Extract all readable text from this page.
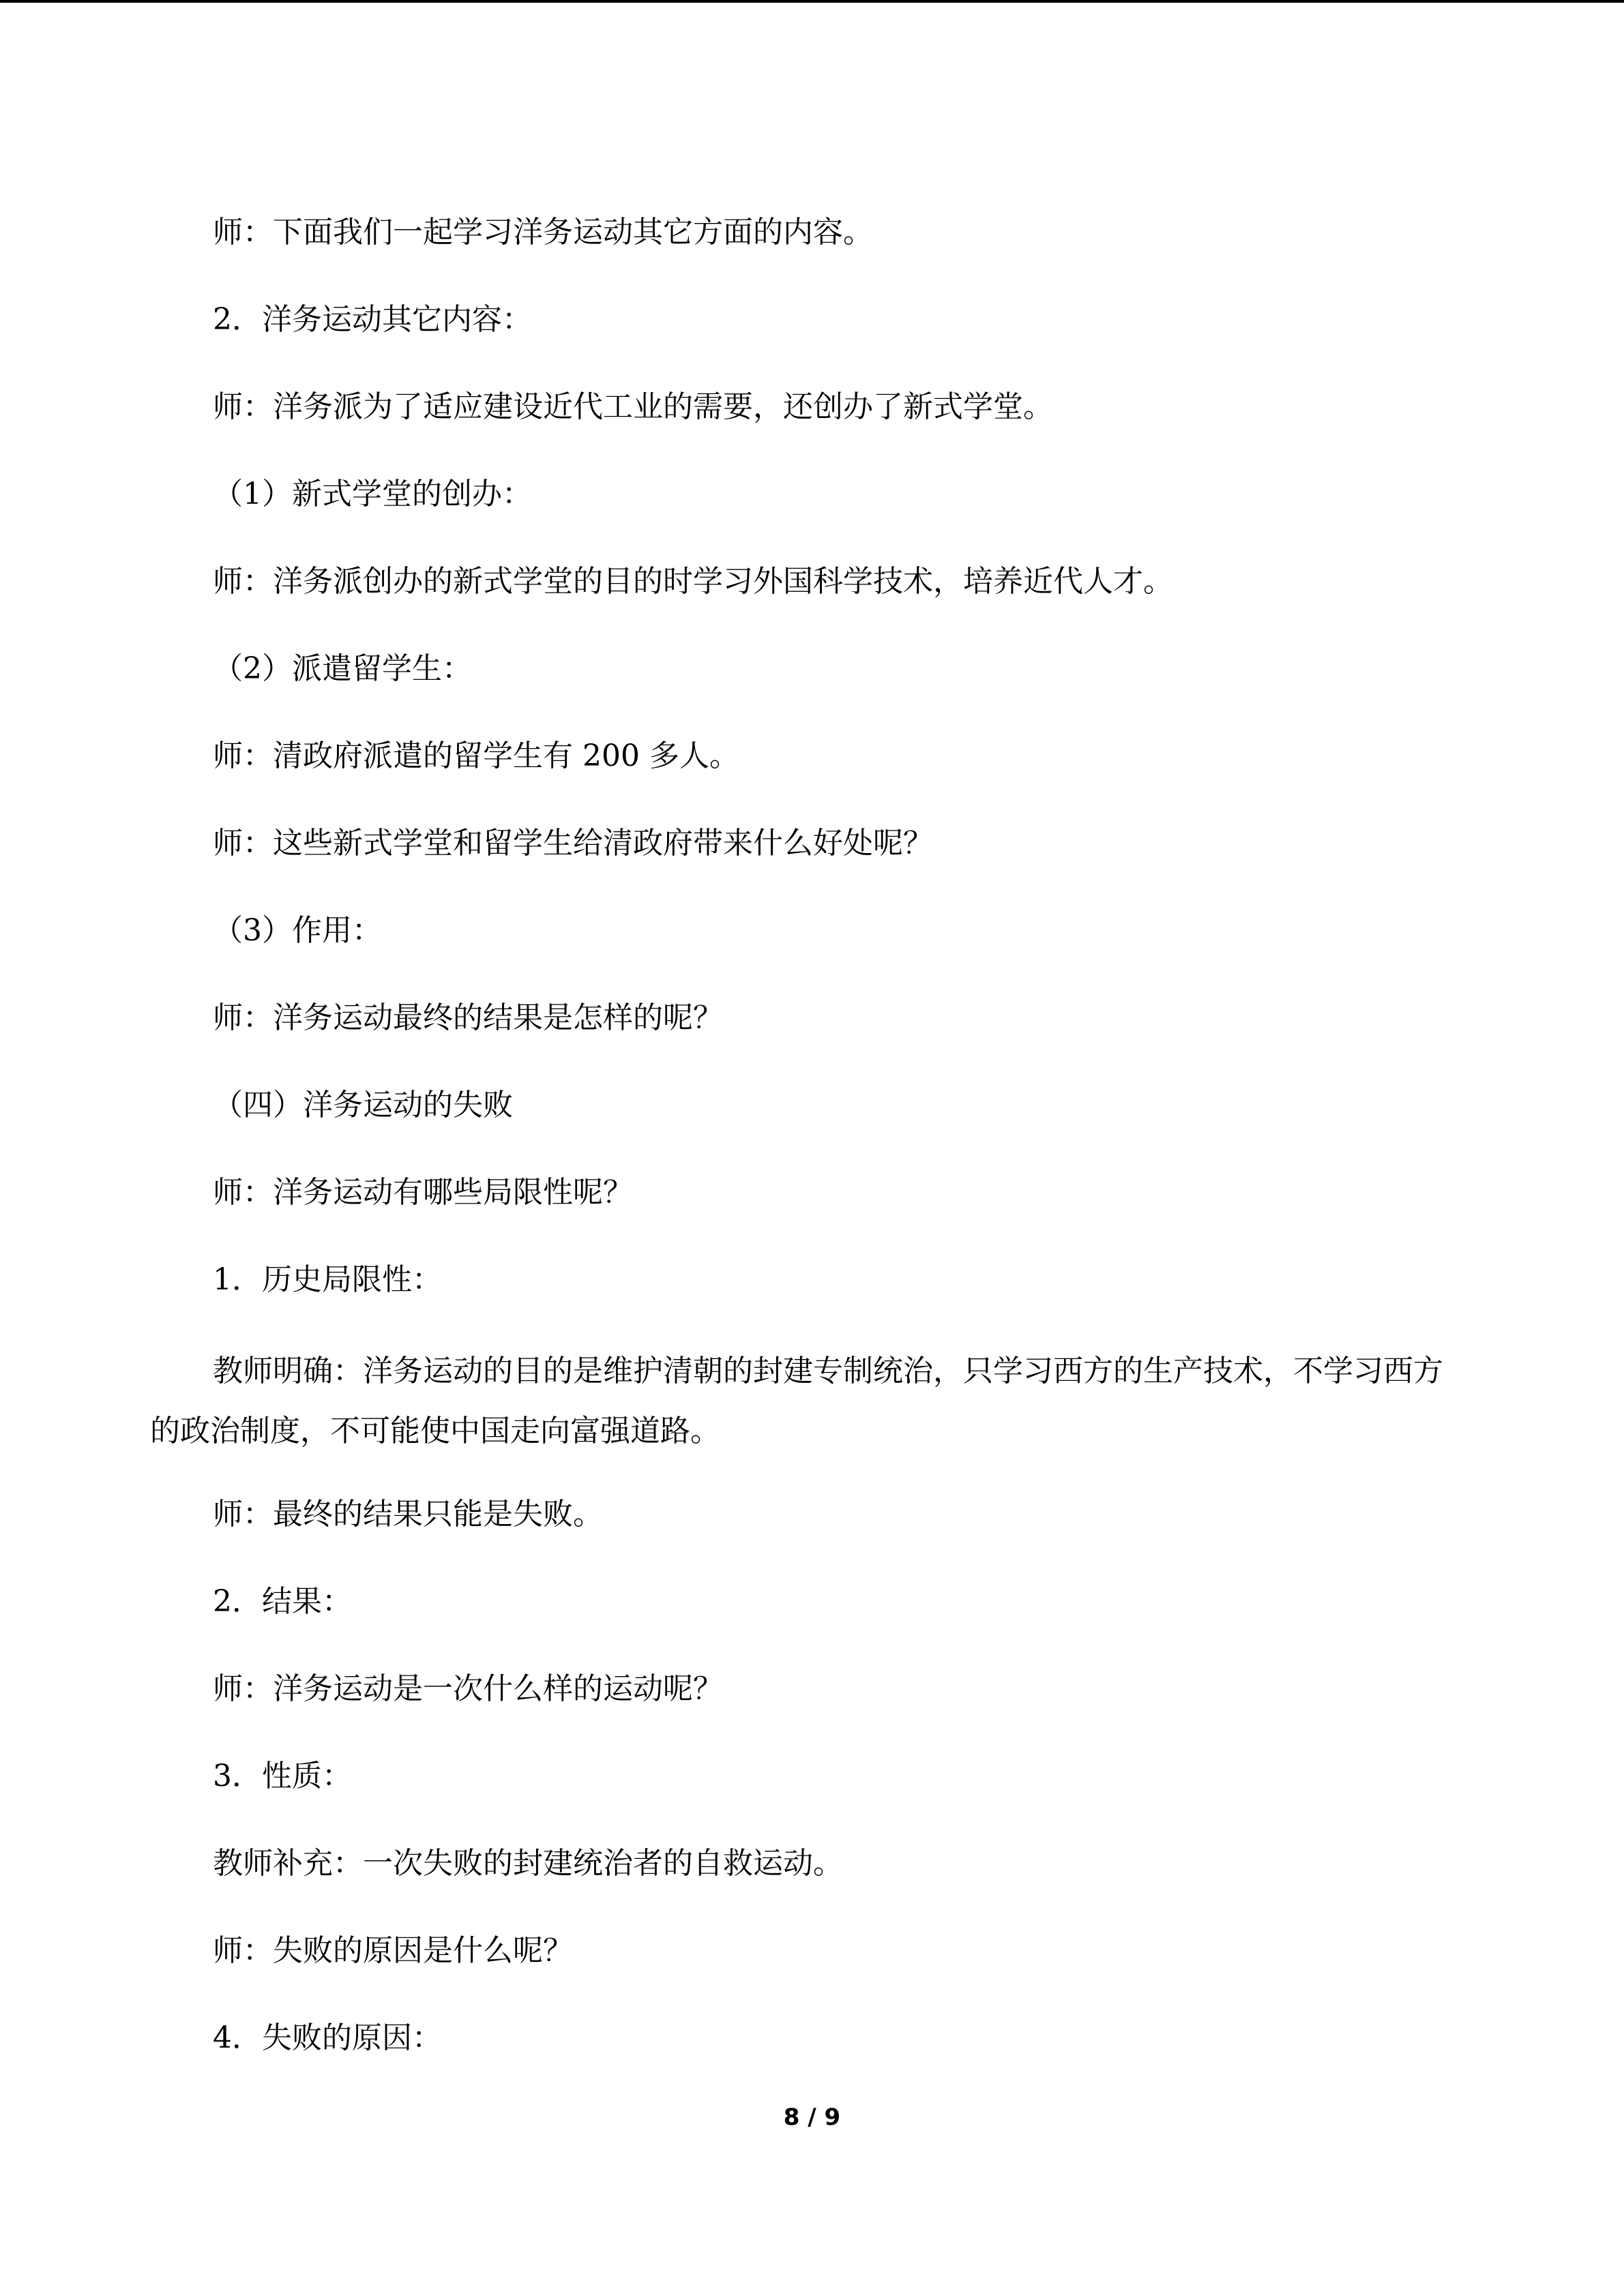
师：下面我们一起学习洋务运动其它方面的内容。

2．洋务运动其它内容：

师：洋务派为了适应建设近代工业的需要，还创办了新式学堂。

（1）新式学堂的创办：

师：洋务派创办的新式学堂的目的时学习外国科学技术，培养近代人才。

（2）派遣留学生：

师：清政府派遣的留学生有 200 多人。

师：这些新式学堂和留学生给清政府带来什么好处呢？

（3）作用：

师：洋务运动最终的结果是怎样的呢？

（四）洋务运动的失败

师：洋务运动有哪些局限性呢？

1．历史局限性：

教师明确：洋务运动的目的是维护清朝的封建专制统治，只学习西方的生产技术，不学习西方的政治制度，不可能使中国走向富强道路。

师：最终的结果只能是失败。

2．结果：

师：洋务运动是一次什么样的运动呢？

3．性质：

教师补充：一次失败的封建统治者的自救运动。

师：失败的原因是什么呢？

4．失败的原因：

8 / 9
